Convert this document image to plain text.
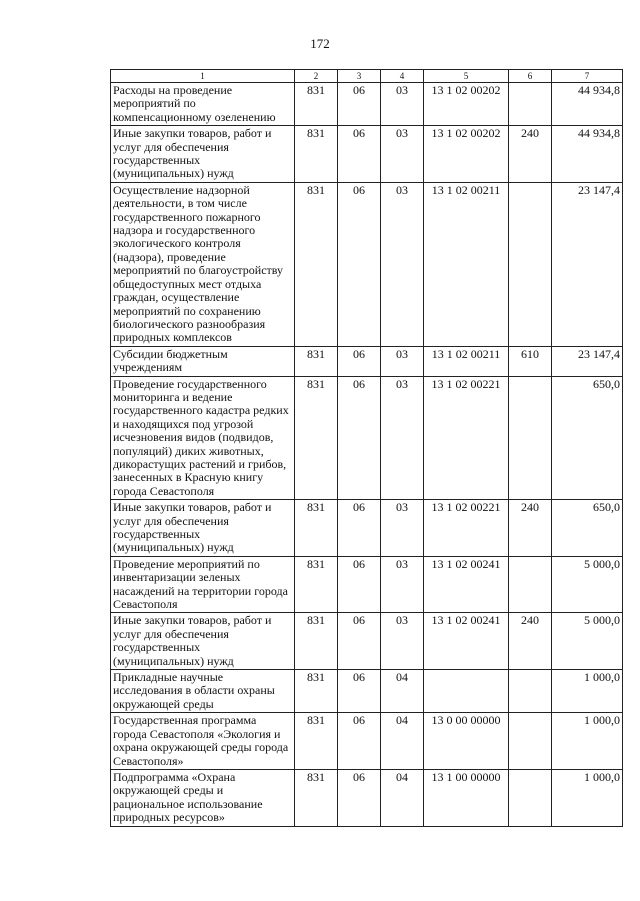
172
1	2	3	4	5	6	7
Расходы на проведение мероприятий по компенсационному озеленению	831	06	03	13 1 02 00202		44 934,8
Иные закупки товаров, работ и услуг для обеспечения государственных (муниципальных) нужд	831	06	03	13 1 02 00202	240	44 934,8
Осуществление надзорной деятельности, в том числе государственного пожарного надзора и государственного экологического контроля (надзора), проведение мероприятий по благоустройству общедоступных мест отдыха граждан, осуществление мероприятий по сохранению биологического разнообразия природных комплексов	831	06	03	13 1 02 00211		23 147,4
Субсидии бюджетным учреждениям	831	06	03	13 1 02 00211	610	23 147,4
Проведение государственного мониторинга и ведение государственного кадастра редких и находящихся под угрозой исчезновения видов (подвидов, популяций) диких животных, дикорастущих растений и грибов, занесенных в Красную книгу города Севастополя	831	06	03	13 1 02 00221		650,0
Иные закупки товаров, работ и услуг для обеспечения государственных (муниципальных) нужд	831	06	03	13 1 02 00221	240	650,0
Проведение мероприятий по инвентаризации зеленых насаждений на территории города Севастополя	831	06	03	13 1 02 00241		5 000,0
Иные закупки товаров, работ и услуг для обеспечения государственных (муниципальных) нужд	831	06	03	13 1 02 00241	240	5 000,0
Прикладные научные исследования в области охраны окружающей среды	831	06	04			1 000,0
Государственная программа города Севастополя «Экология и охрана окружающей среды города Севастополя»	831	06	04	13 0 00 00000		1 000,0
Подпрограмма «Охрана окружающей среды и рациональное использование природных ресурсов»	831	06	04	13 1 00 00000		1 000,0
